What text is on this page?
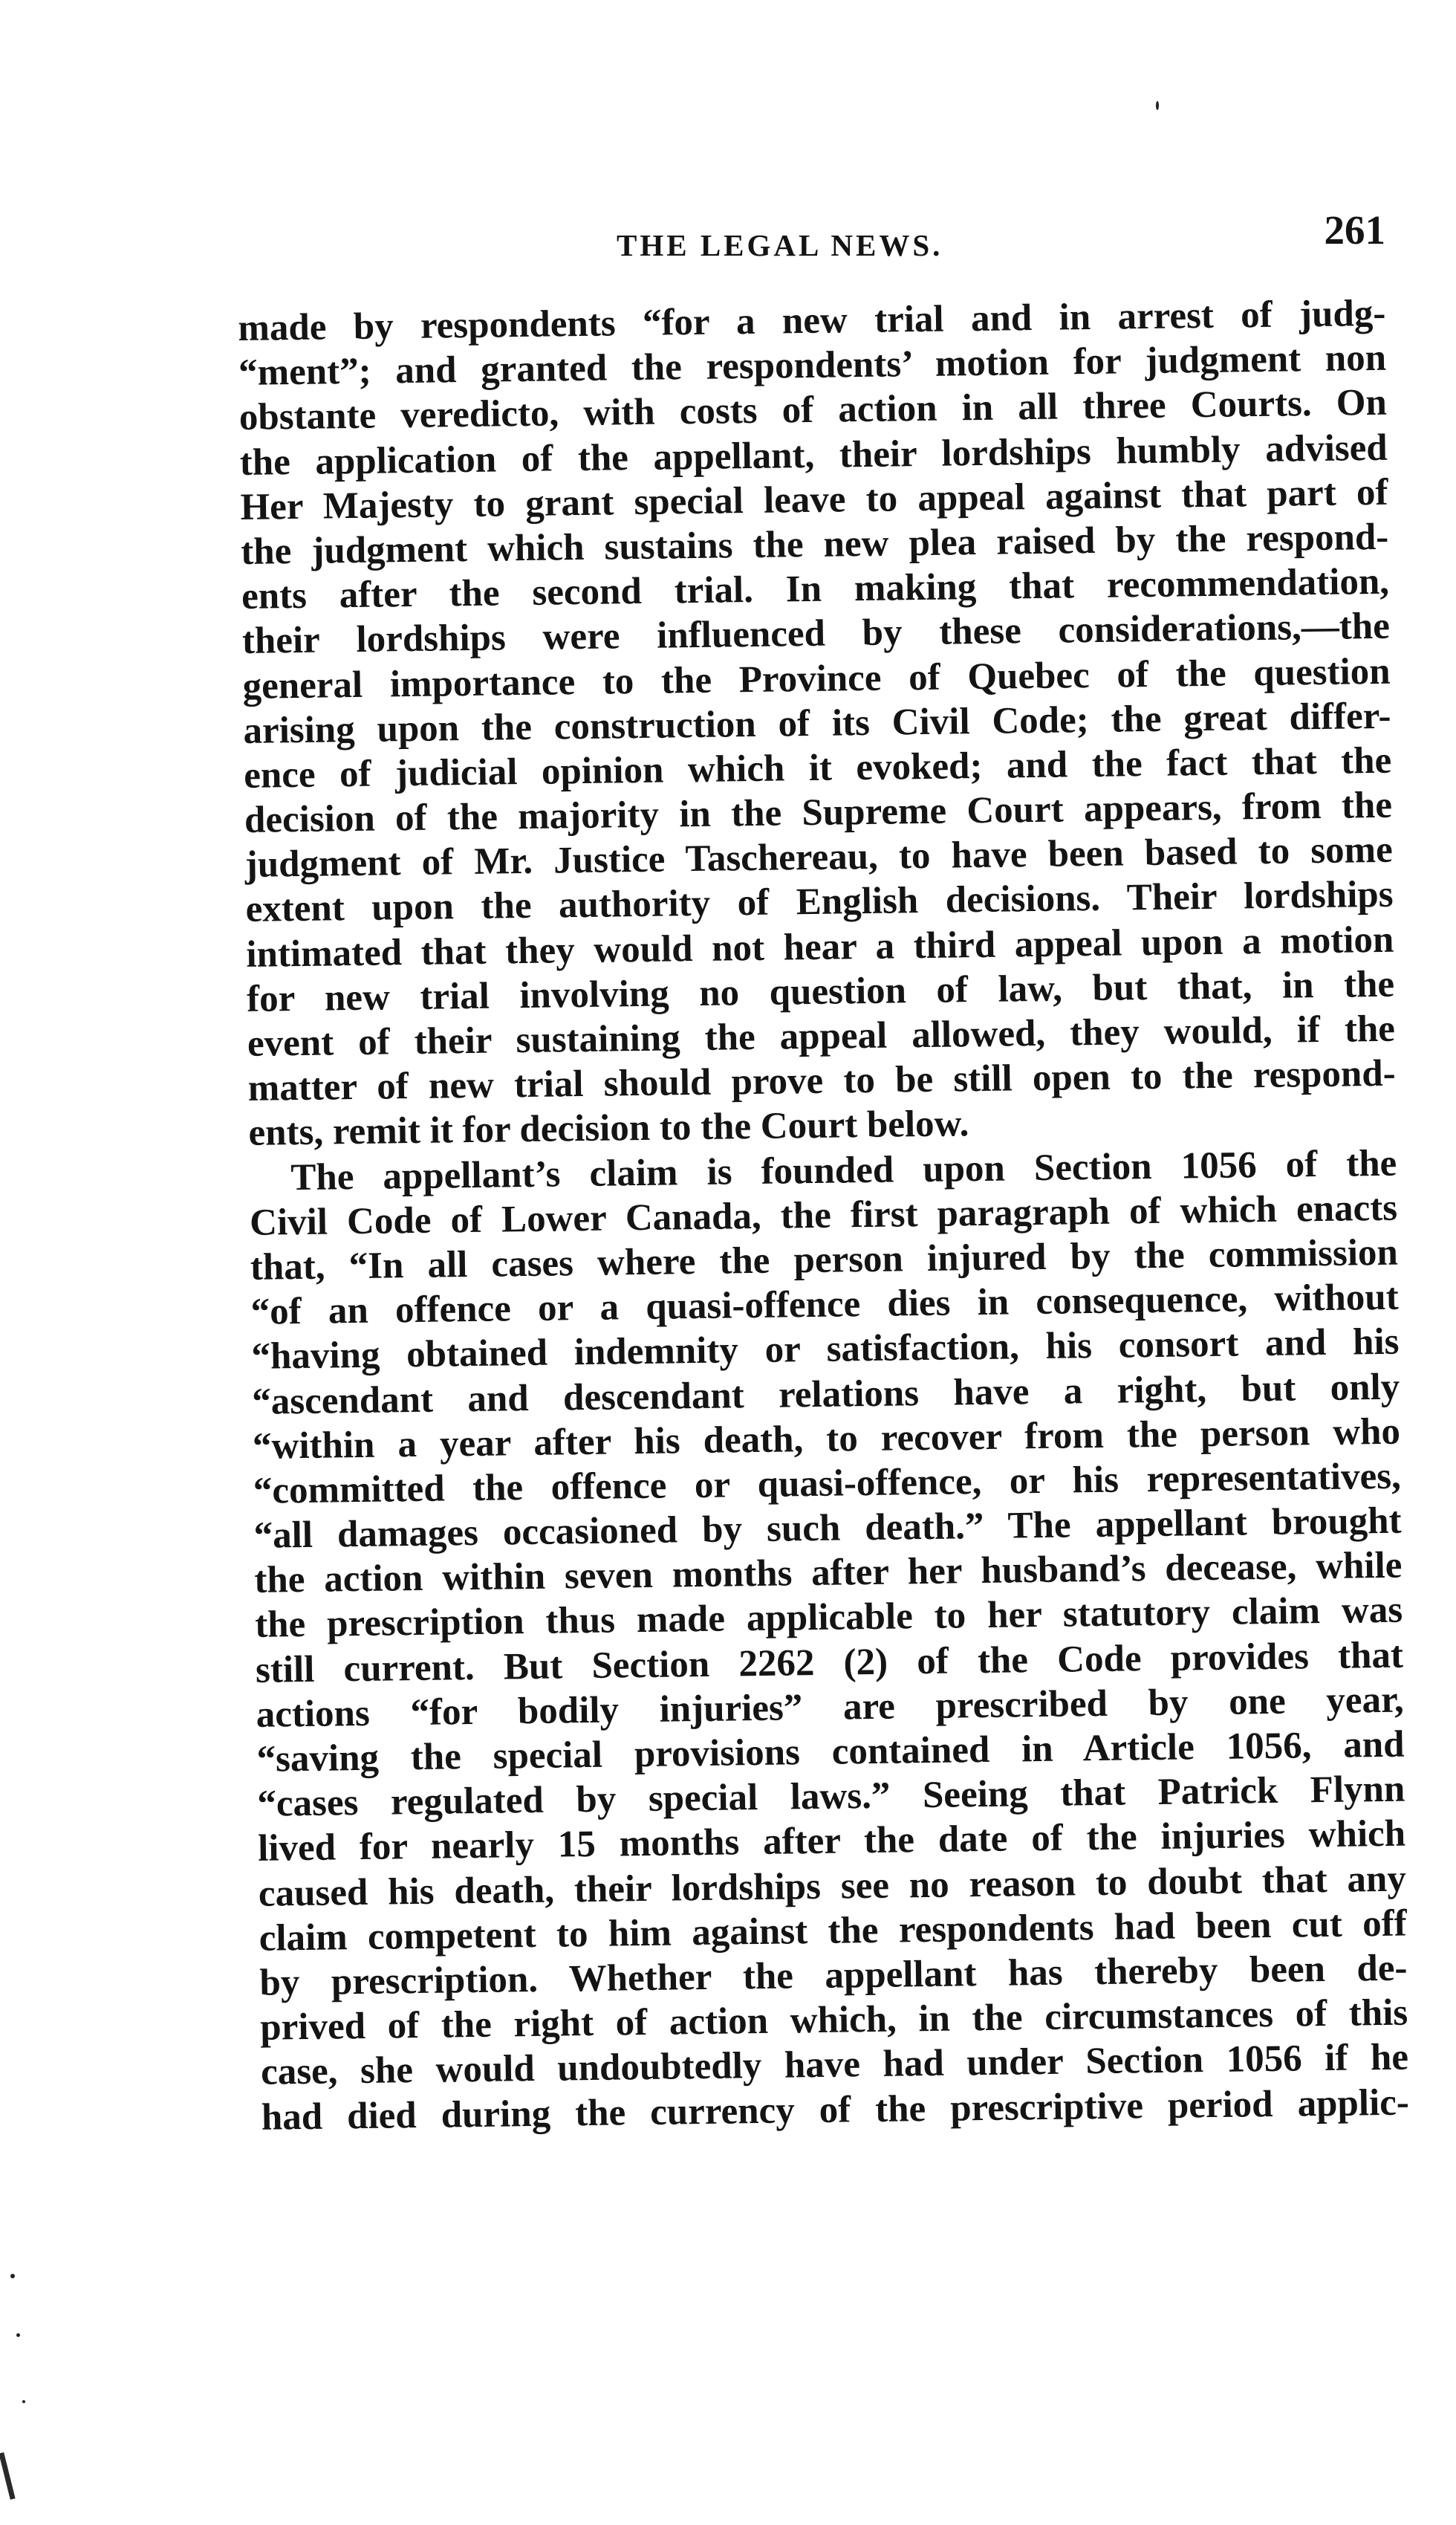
THE LEGAL NEWS.	261
made by respondents “for a new trial and in arrest of judg-
“ment”; and granted the respondents’ motion for judgment non
obstante veredicto, with costs of action in all three Courts. On
the application of the appellant, their lordships humbly advised
Her Majesty to grant special leave to appeal against that part of
the judgment which sustains the new plea raised by the respond-
ents after the second trial. In making that recommendation,
their lordships were influenced by these considerations,—the
general importance to the Province of Quebec of the question
arising upon the construction of its Civil Code; the great differ-
ence of judicial opinion which it evoked; and the fact that the
decision of the majority in the Supreme Court appears, from the
judgment of Mr. Justice Taschereau, to have been based to some
extent upon the authority of English decisions. Their lordships
intimated that they would not hear a third appeal upon a motion
for new trial involving no question of law, but that, in the
event of their sustaining the appeal allowed, they would, if the
matter of new trial should prove to be still open to the respond-
ents, remit it for decision to the Court below.
The appellant’s claim is founded upon Section 1056 of the
Civil Code of Lower Canada, the first paragraph of which enacts
that, “In all cases where the person injured by the commission
“of an offence or a quasi-offence dies in consequence, without
“having obtained indemnity or satisfaction, his consort and his
“ascendant and descendant relations have a right, but only
“within a year after his death, to recover from the person who
“committed the offence or quasi-offence, or his representatives,
“all damages occasioned by such death.” The appellant brought
the action within seven months after her husband’s decease, while
the prescription thus made applicable to her statutory claim was
still current. But Section 2262 (2) of the Code provides that
actions “for bodily injuries” are prescribed by one year,
“saving the special provisions contained in Article 1056, and
“cases regulated by special laws.” Seeing that Patrick Flynn
lived for nearly 15 months after the date of the injuries which
caused his death, their lordships see no reason to doubt that any
claim competent to him against the respondents had been cut off
by prescription. Whether the appellant has thereby been de-
prived of the right of action which, in the circumstances of this
case, she would undoubtedly have had under Section 1056 if he
had died during the currency of the prescriptive period applic-
